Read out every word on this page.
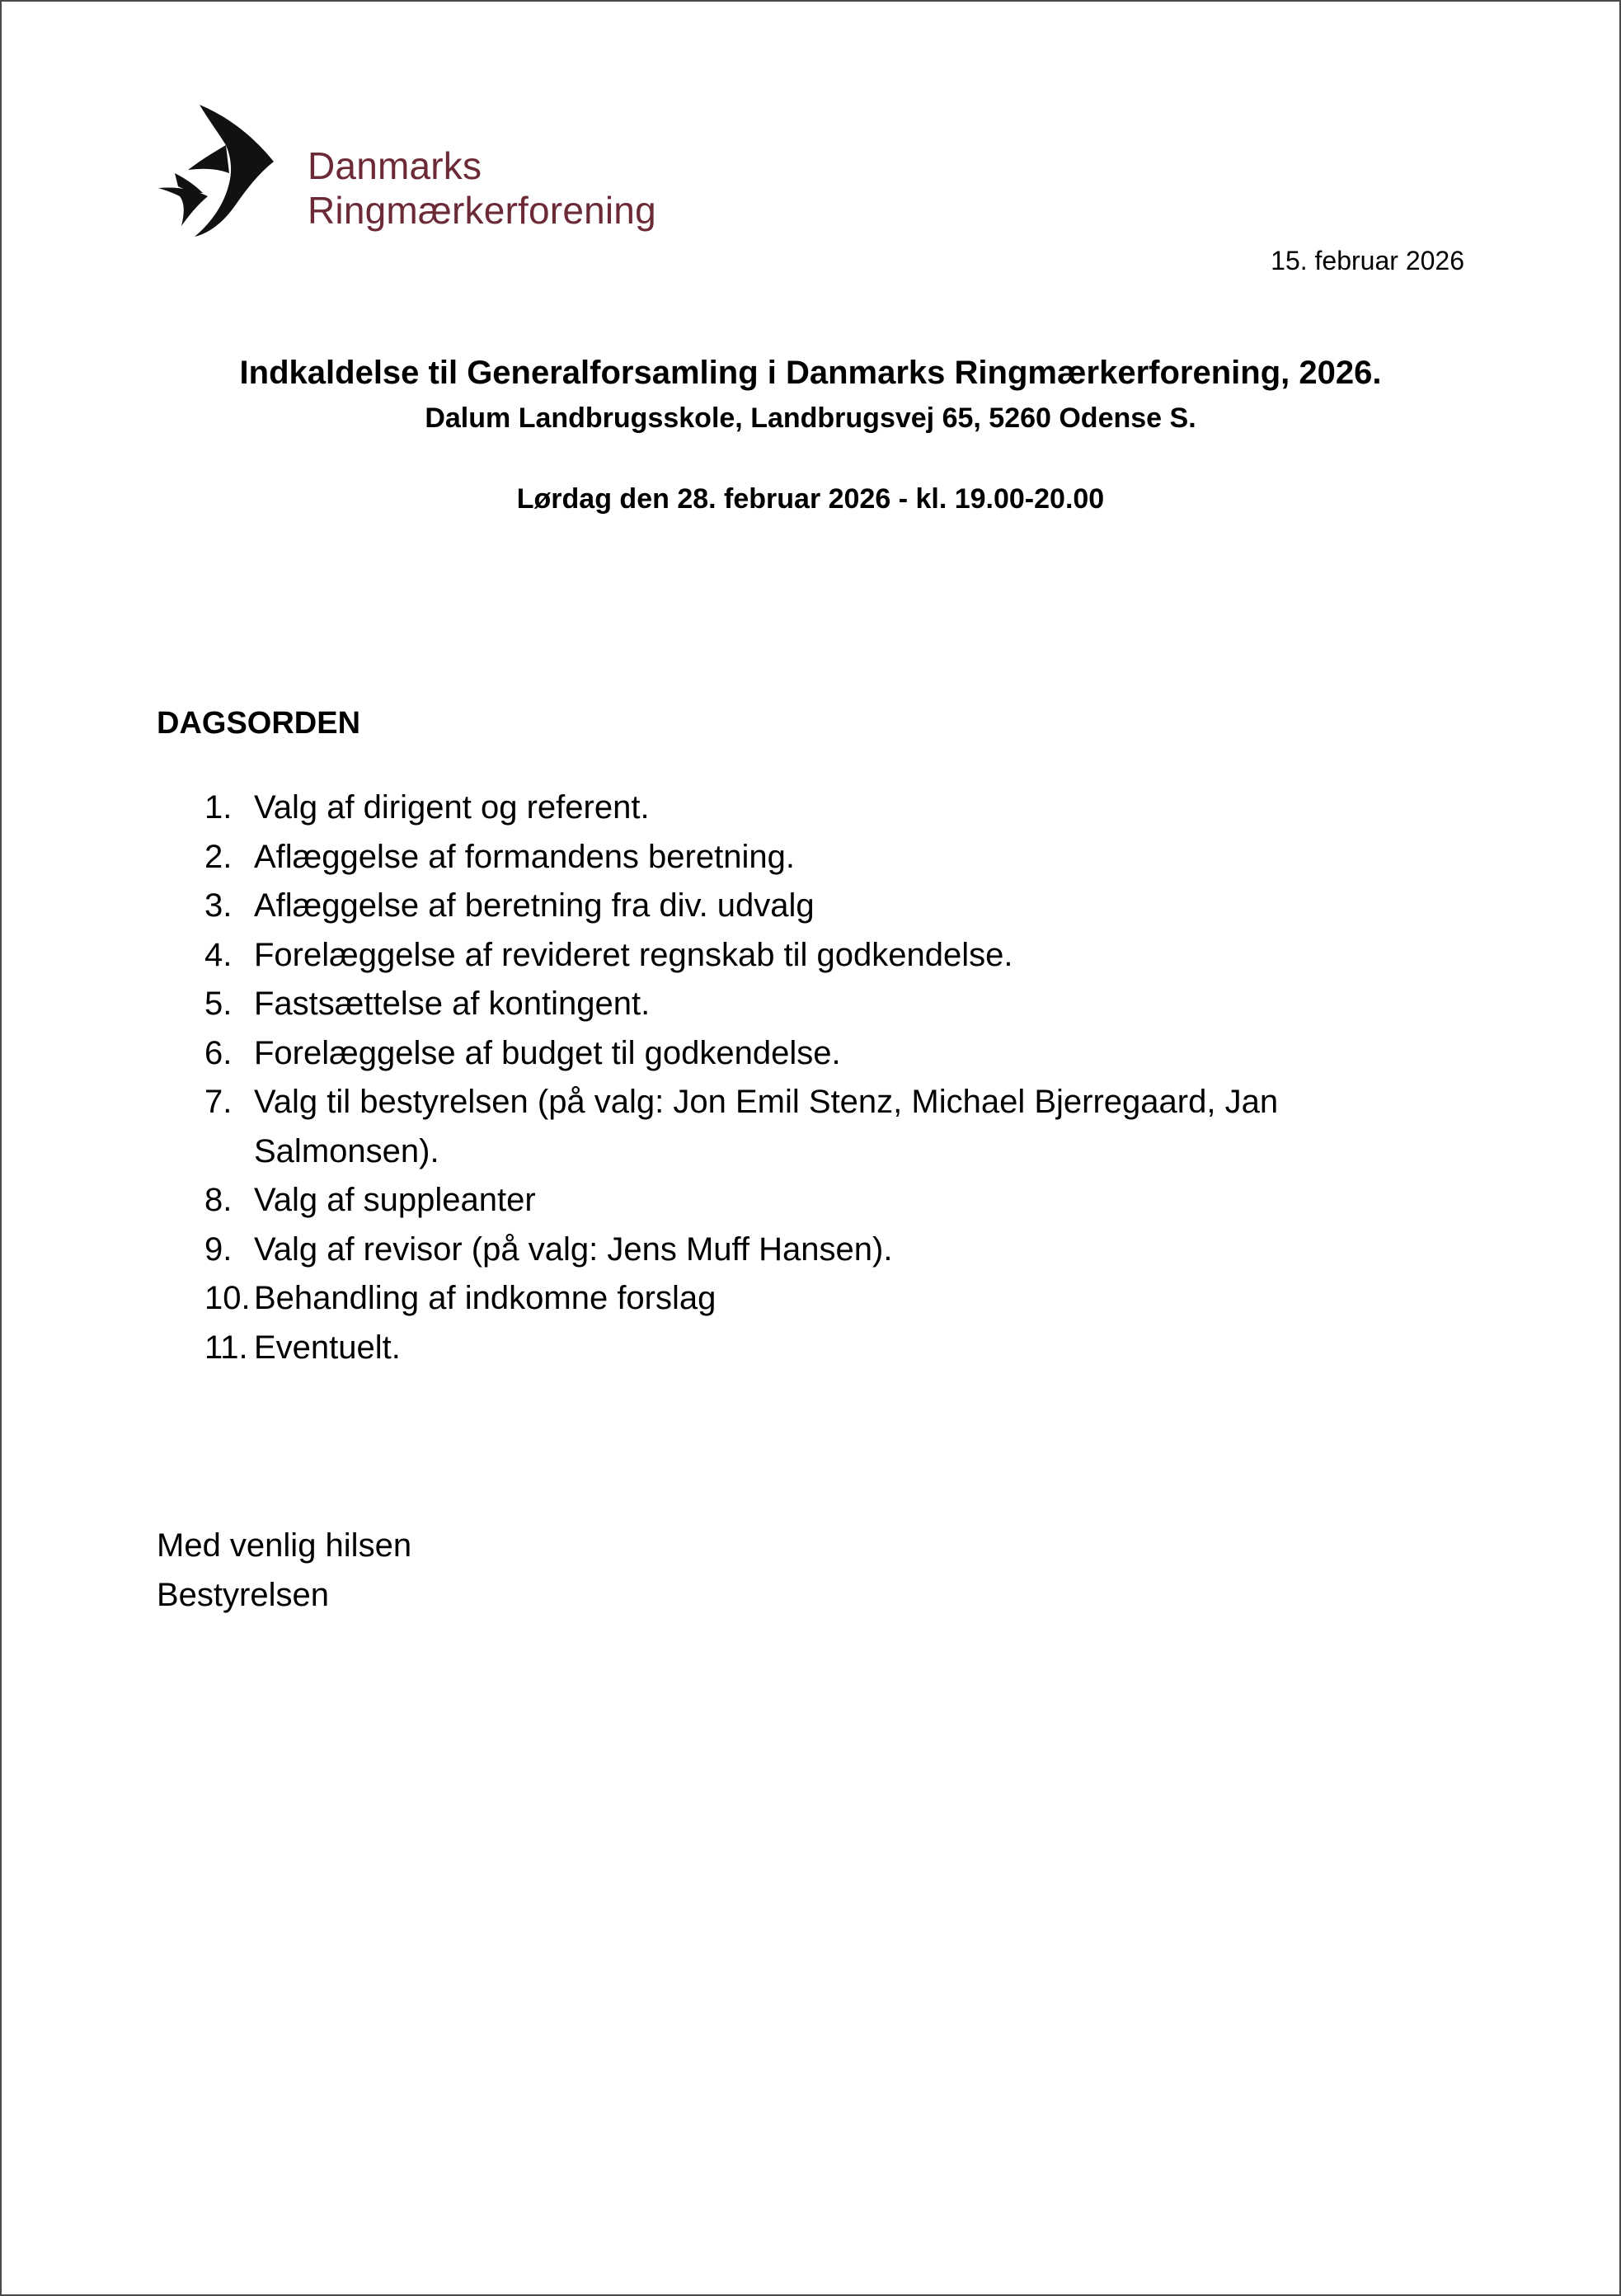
Danmarks
Ringmærkerforening
15. februar 2026
Indkaldelse til Generalforsamling i Danmarks Ringmærkerforening, 2026.
Dalum Landbrugsskole, Landbrugsvej 65, 5260 Odense S.
Lørdag den 28. februar 2026 - kl. 19.00-20.00
DAGSORDEN
1. Valg af dirigent og referent.
2. Aflæggelse af formandens beretning.
3. Aflæggelse af beretning fra div. udvalg
4. Forelæggelse af revideret regnskab til godkendelse.
5. Fastsættelse af kontingent.
6. Forelæggelse af budget til godkendelse.
7. Valg til bestyrelsen (på valg: Jon Emil Stenz, Michael Bjerregaard, Jan Salmonsen).
8. Valg af suppleanter
9. Valg af revisor (på valg: Jens Muff Hansen).
10. Behandling af indkomne forslag
11. Eventuelt.
Med venlig hilsen
Bestyrelsen
